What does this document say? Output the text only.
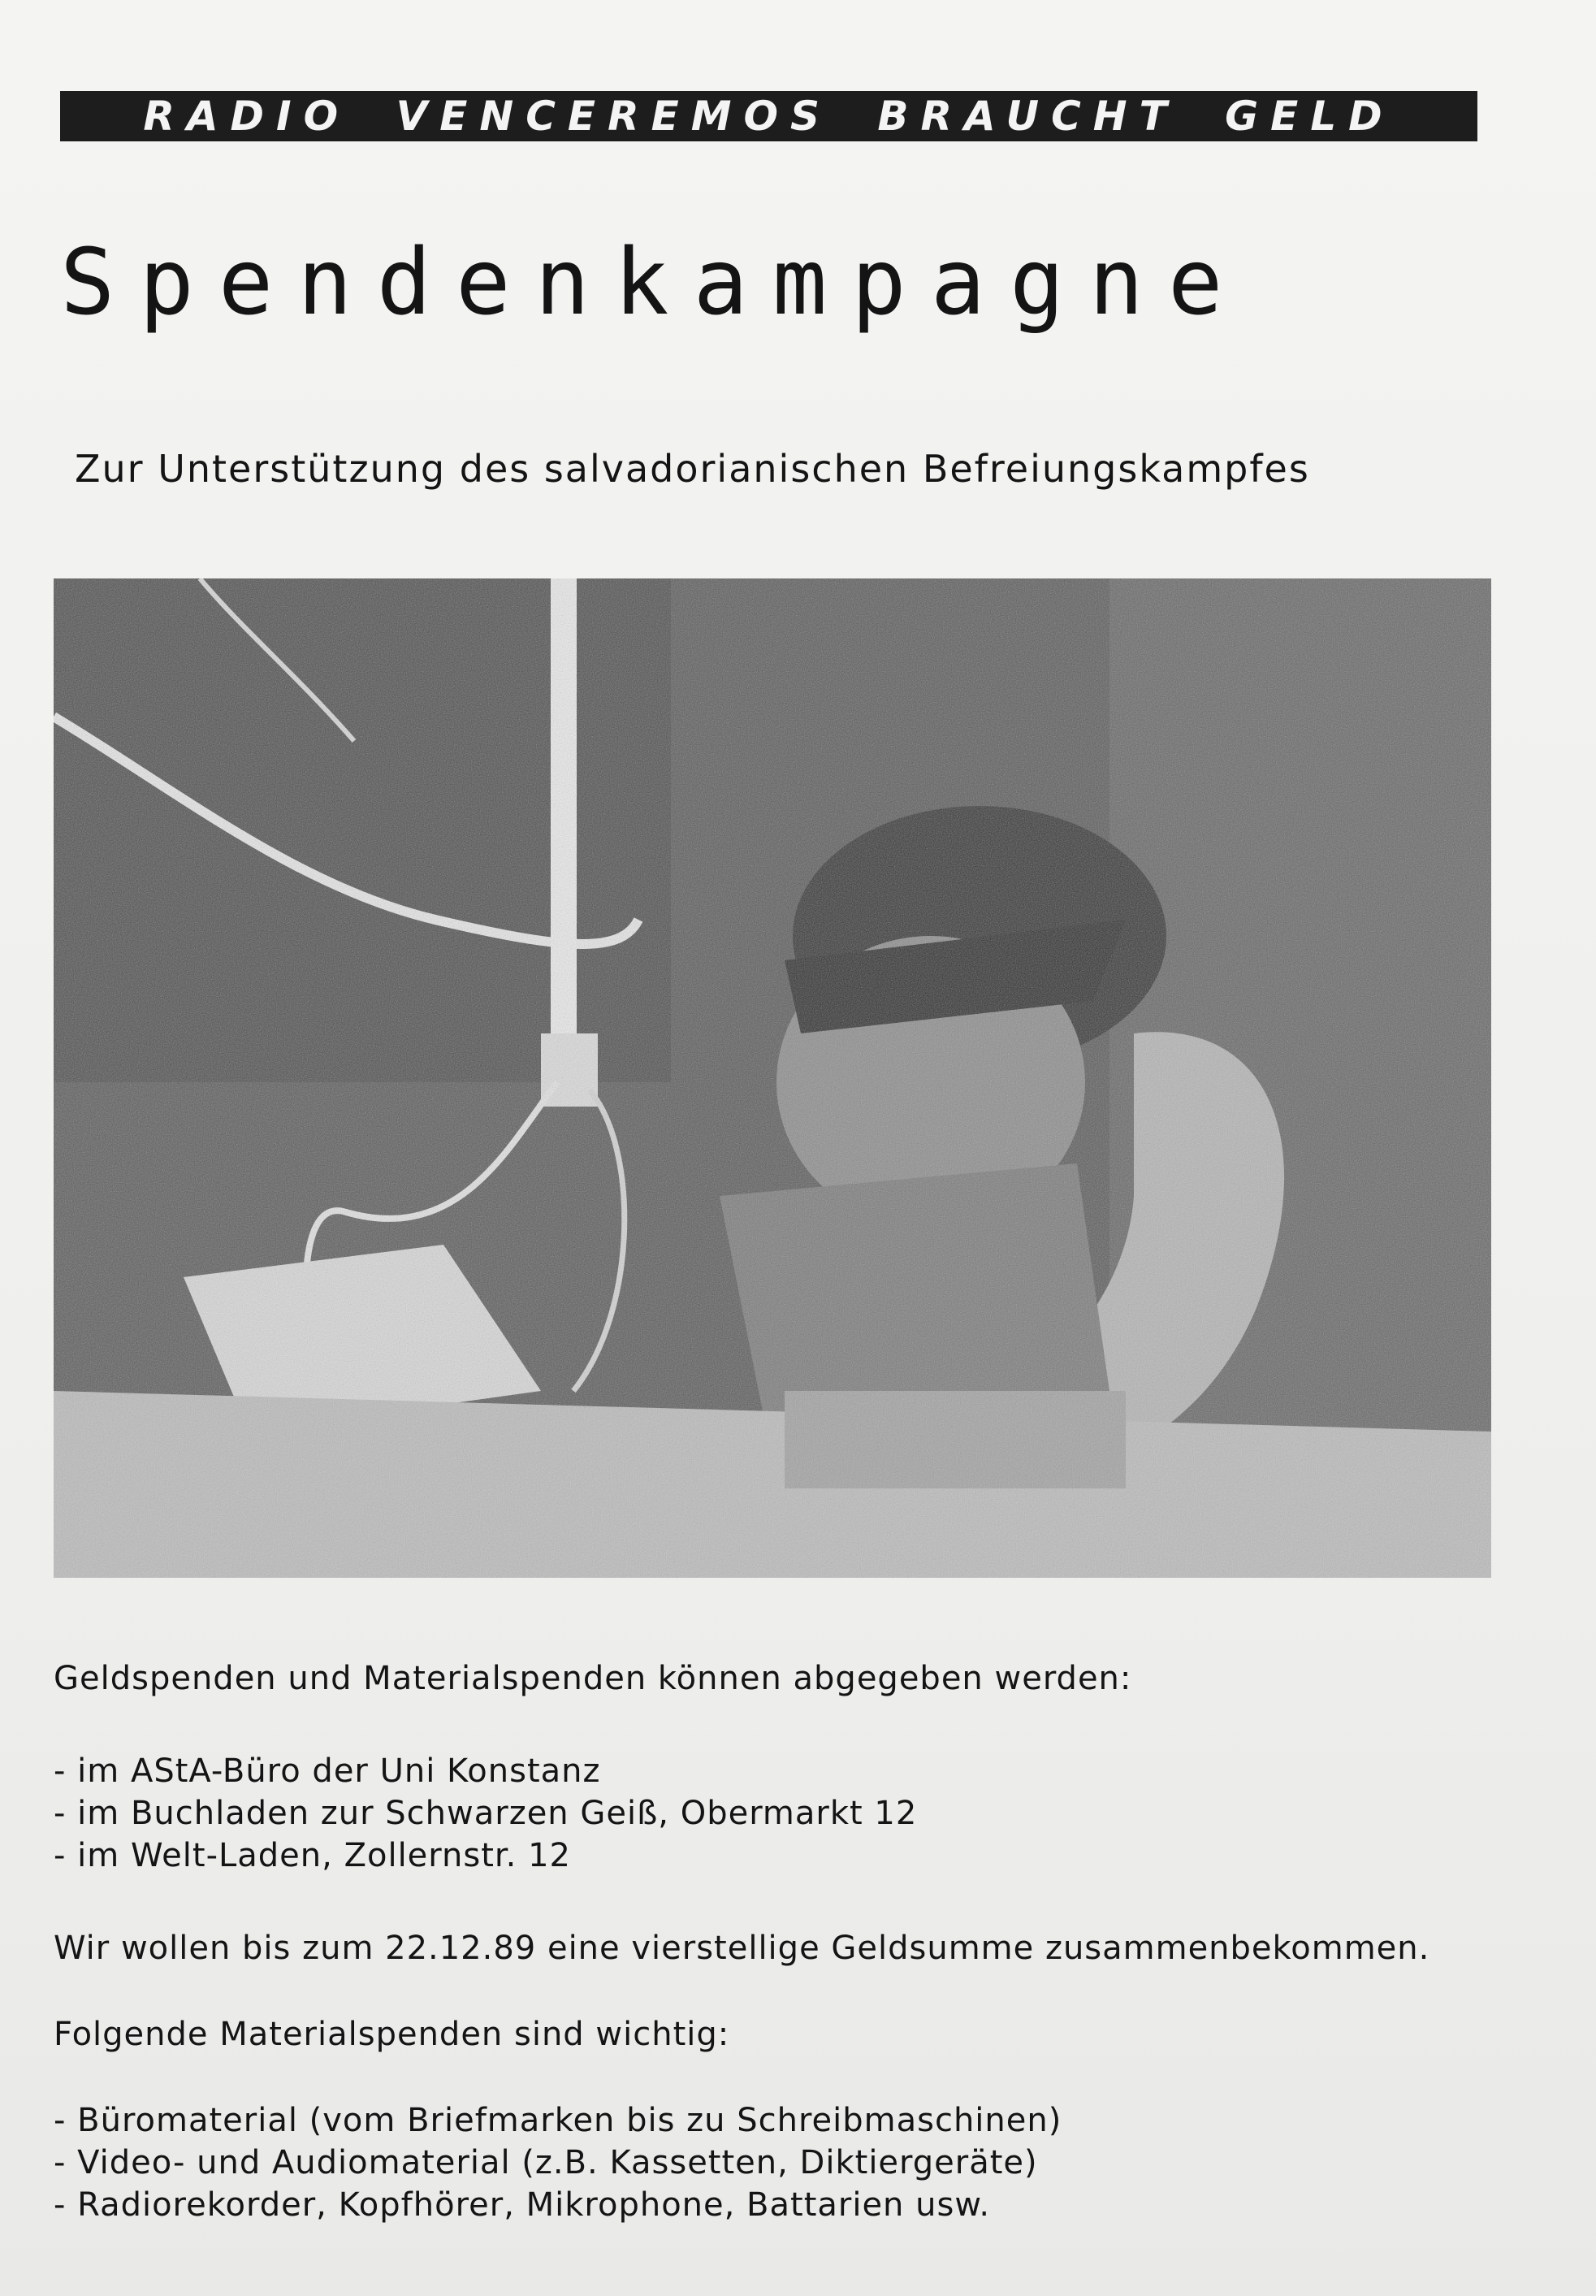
RADIO VENCEREMOS BRAUCHT GELD
Spendenkampagne
Zur Unterstützung des salvadorianischen Befreiungskampfes

Geldspenden und Materialspenden können abgegeben werden:

- im AStA-Büro der Uni Konstanz
- im Buchladen zur Schwarzen Geiß, Obermarkt 12
- im Welt-Laden, Zollernstr. 12

Wir wollen bis zum 22.12.89 eine vierstellige Geldsumme zusammenbekommen.

Folgende Materialspenden sind wichtig:

- Büromaterial (vom Briefmarken bis zu Schreibmaschinen)
- Video- und Audiomaterial (z.B. Kassetten, Diktiergeräte)
- Radiorekorder, Kopfhörer, Mikrophone, Battarien usw.
